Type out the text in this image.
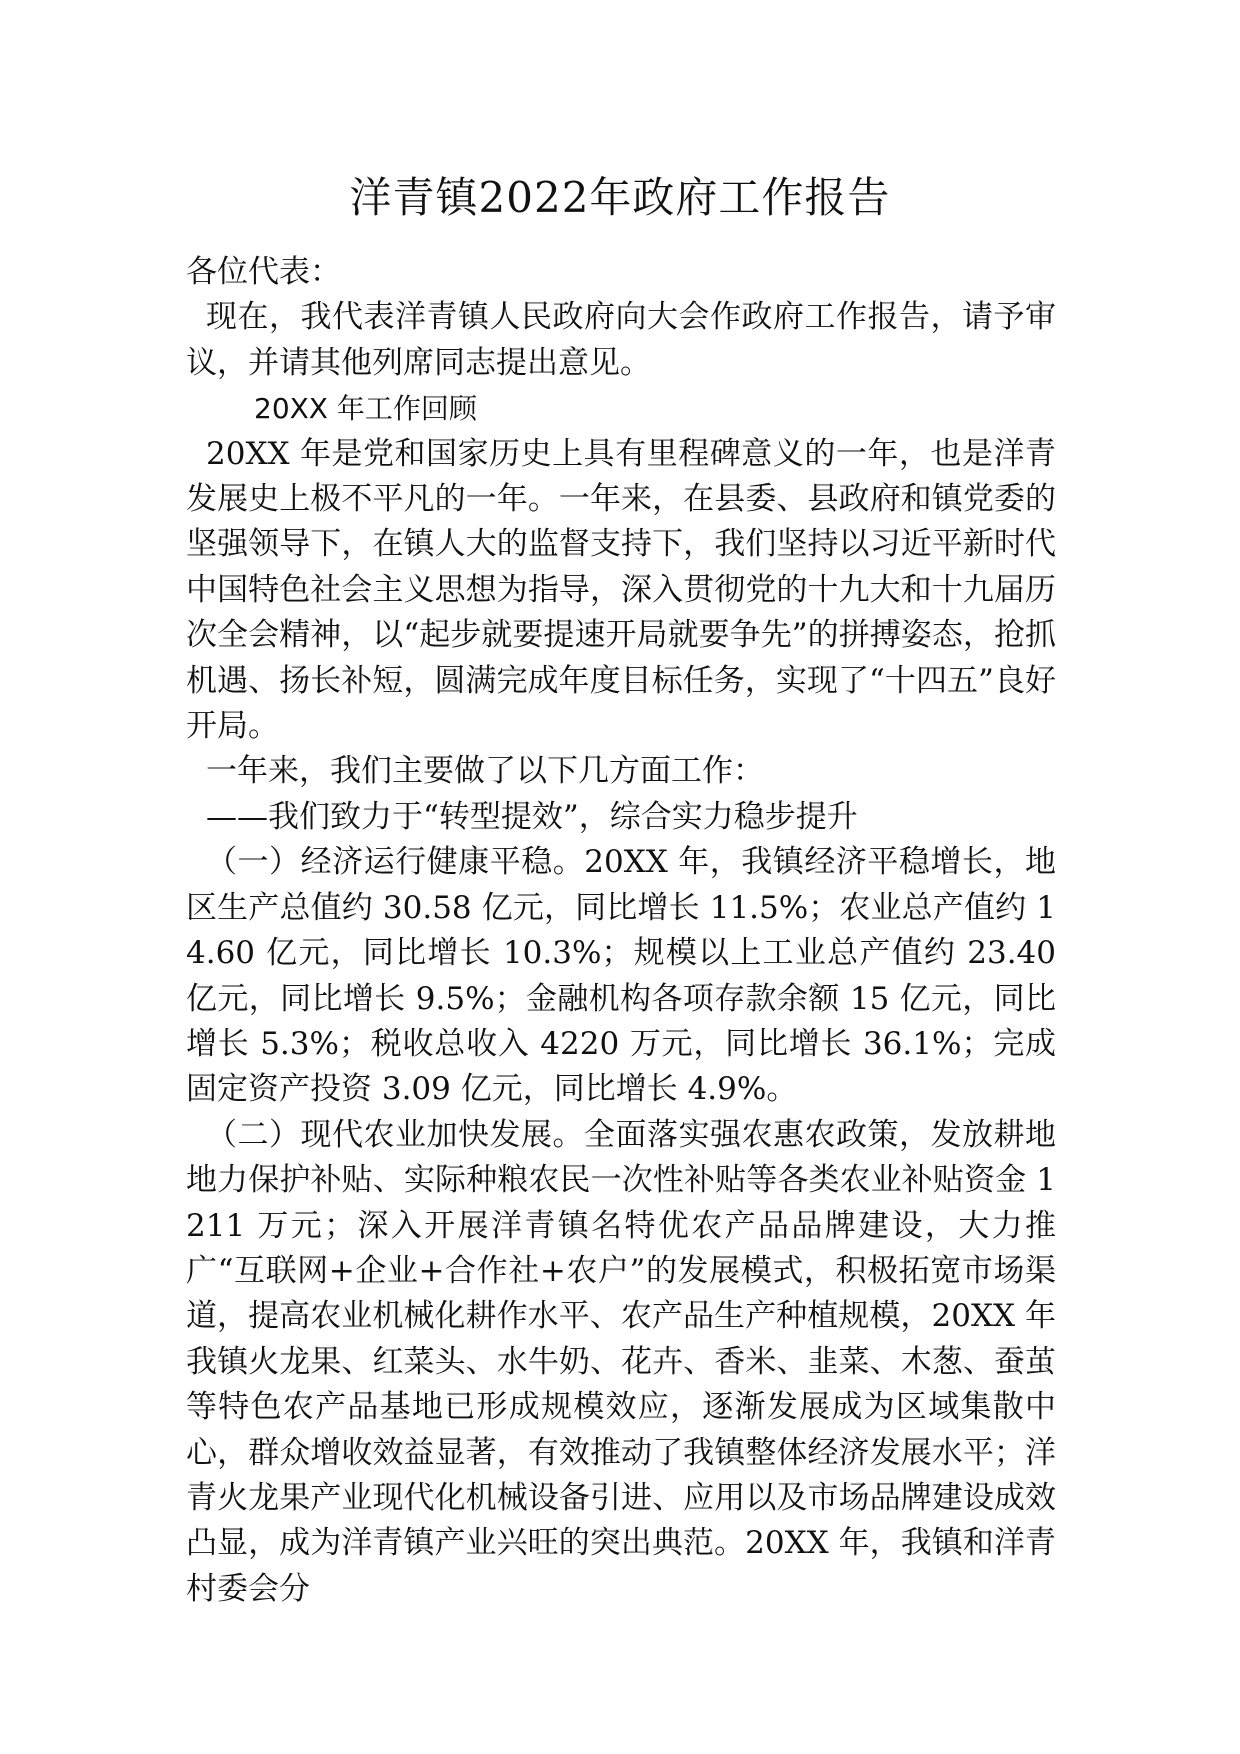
洋青镇2022年政府工作报告

各位代表：

现在，我代表洋青镇人民政府向大会作政府工作报告，请予审议，并请其他列席同志提出意见。

20XX 年工作回顾

20XX 年是党和国家历史上具有里程碑意义的一年，也是洋青发展史上极不平凡的一年。一年来，在县委、县政府和镇党委的坚强领导下，在镇人大的监督支持下，我们坚持以习近平新时代中国特色社会主义思想为指导，深入贯彻党的十九大和十九届历次全会精神，以“起步就要提速开局就要争先”的拼搏姿态，抢抓机遇、扬长补短，圆满完成年度目标任务，实现了“十四五”良好开局。

一年来，我们主要做了以下几方面工作：

——我们致力于“转型提效”，综合实力稳步提升

（一）经济运行健康平稳。20XX 年，我镇经济平稳增长，地区生产总值约 30.58 亿元，同比增长 11.5%；农业总产值约 14.60 亿元，同比增长 10.3%；规模以上工业总产值约 23.40 亿元，同比增长 9.5%；金融机构各项存款余额 15 亿元，同比增长 5.3%；税收总收入 4220 万元，同比增长 36.1%；完成固定资产投资 3.09 亿元，同比增长 4.9%。

（二）现代农业加快发展。全面落实强农惠农政策，发放耕地地力保护补贴、实际种粮农民一次性补贴等各类农业补贴资金 1211 万元；深入开展洋青镇名特优农产品品牌建设，大力推广“互联网+企业+合作社+农户”的发展模式，积极拓宽市场渠道，提高农业机械化耕作水平、农产品生产种植规模，20XX 年我镇火龙果、红菜头、水牛奶、花卉、香米、韭菜、木葱、蚕茧等特色农产品基地已形成规模效应，逐渐发展成为区域集散中心，群众增收效益显著，有效推动了我镇整体经济发展水平；洋青火龙果产业现代化机械设备引进、应用以及市场品牌建设成效凸显，成为洋青镇产业兴旺的突出典范。20XX 年，我镇和洋青村委会分
